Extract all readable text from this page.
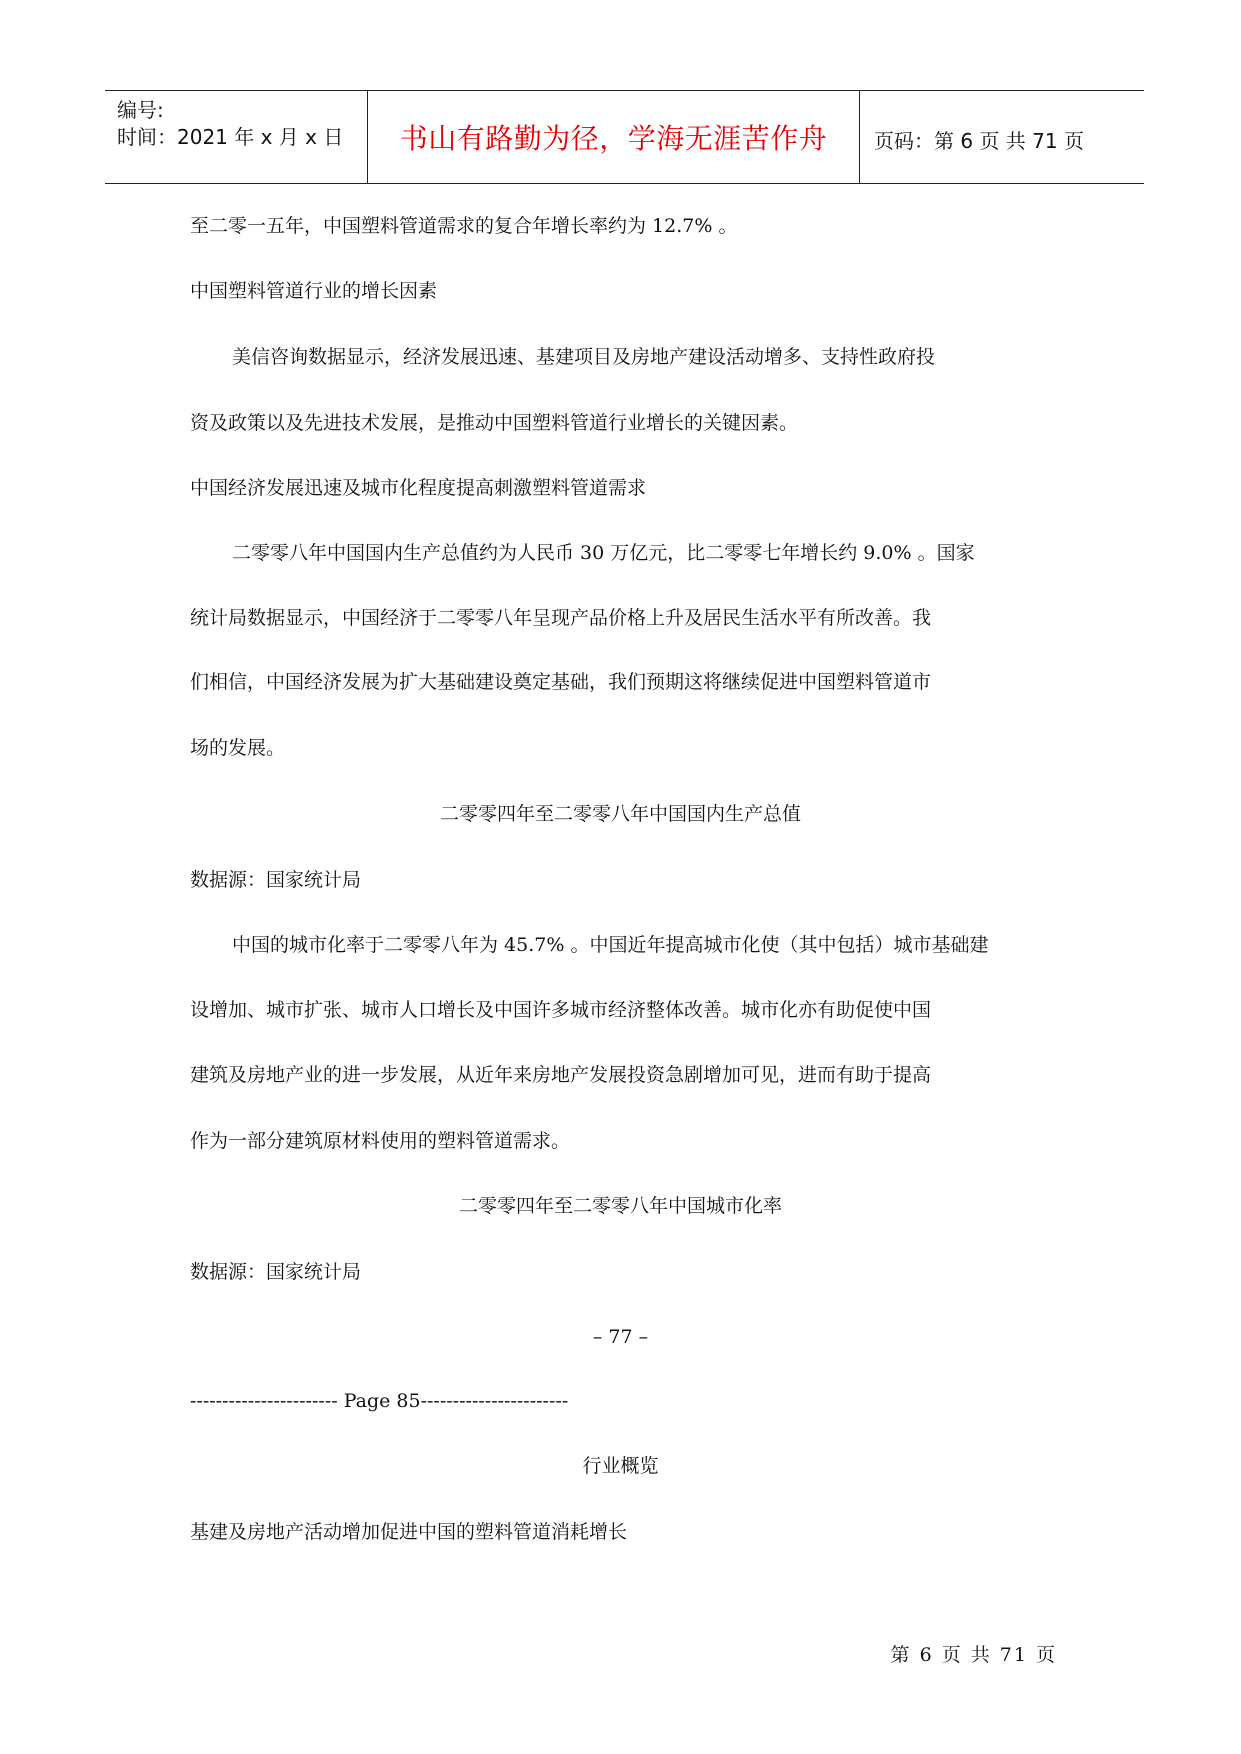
编号:
时间：2021 年 x 月 x 日	书山有路勤为径，学海无涯苦作舟	页码：第 6 页 共 71 页
至二零一五年，中国塑料管道需求的复合年增长率约为 12.7% 。
中国塑料管道行业的增长因素
美信咨询数据显示，经济发展迅速、基建项目及房地产建设活动增多、支持性政府投
资及政策以及先进技术发展，是推动中国塑料管道行业增长的关键因素。
中国经济发展迅速及城市化程度提高刺激塑料管道需求
二零零八年中国国内生产总值约为人民币 30 万亿元，比二零零七年增长约 9.0% 。国家
统计局数据显示，中国经济于二零零八年呈现产品价格上升及居民生活水平有所改善。我
们相信，中国经济发展为扩大基础建设奠定基础，我们预期这将继续促进中国塑料管道市
场的发展。
二零零四年至二零零八年中国国内生产总值
数据源：国家统计局
中国的城市化率于二零零八年为 45.7% 。中国近年提高城市化使（其中包括）城市基础建
设增加、城市扩张、城市人口增长及中国许多城市经济整体改善。城市化亦有助促使中国
建筑及房地产业的进一步发展，从近年来房地产发展投资急剧增加可见，进而有助于提高
作为一部分建筑原材料使用的塑料管道需求。
二零零四年至二零零八年中国城市化率
数据源：国家统计局
– 77 –
----------------------- Page 85-----------------------
行业概览
基建及房地产活动增加促进中国的塑料管道消耗增长
第 6 页 共 71 页
